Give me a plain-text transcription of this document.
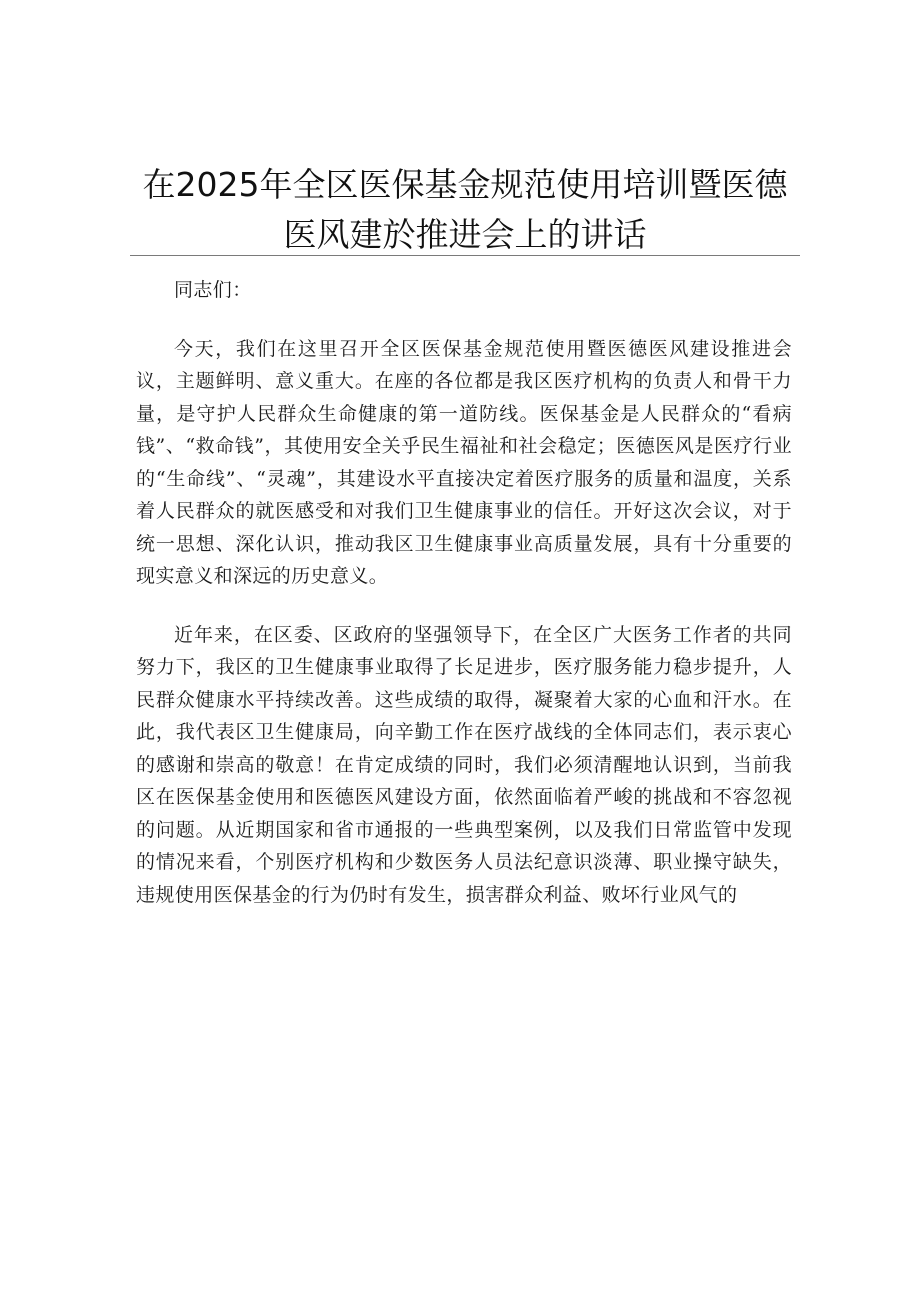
在2025年全区医保基金规范使用培训暨医德
医风建於推进会上的讲话

同志们：

今天，我们在这里召开全区医保基金规范使用暨医德医风建设推进会议，主题鲜明、意义重大。在座的各位都是我区医疗机构的负责人和骨干力量，是守护人民群众生命健康的第一道防线。医保基金是人民群众的“看病钱”、“救命钱”，其使用安全关乎民生福祉和社会稳定；医德医风是医疗行业的“生命线”、“灵魂”，其建设水平直接决定着医疗服务的质量和温度，关系着人民群众的就医感受和对我们卫生健康事业的信任。开好这次会议，对于统一思想、深化认识，推动我区卫生健康事业高质量发展，具有十分重要的现实意义和深远的历史意义。

近年来，在区委、区政府的坚强领导下，在全区广大医务工作者的共同努力下，我区的卫生健康事业取得了长足进步，医疗服务能力稳步提升，人民群众健康水平持续改善。这些成绩的取得，凝聚着大家的心血和汗水。在此，我代表区卫生健康局，向辛勤工作在医疗战线的全体同志们，表示衷心的感谢和崇高的敬意！在肯定成绩的同时，我们必须清醒地认识到，当前我区在医保基金使用和医德医风建设方面，依然面临着严峻的挑战和不容忽视的问题。从近期国家和省市通报的一些典型案例，以及我们日常监管中发现的情况来看，个别医疗机构和少数医务人员法纪意识淡薄、职业操守缺失，违规使用医保基金的行为仍时有发生，损害群众利益、败坏行业风气的
